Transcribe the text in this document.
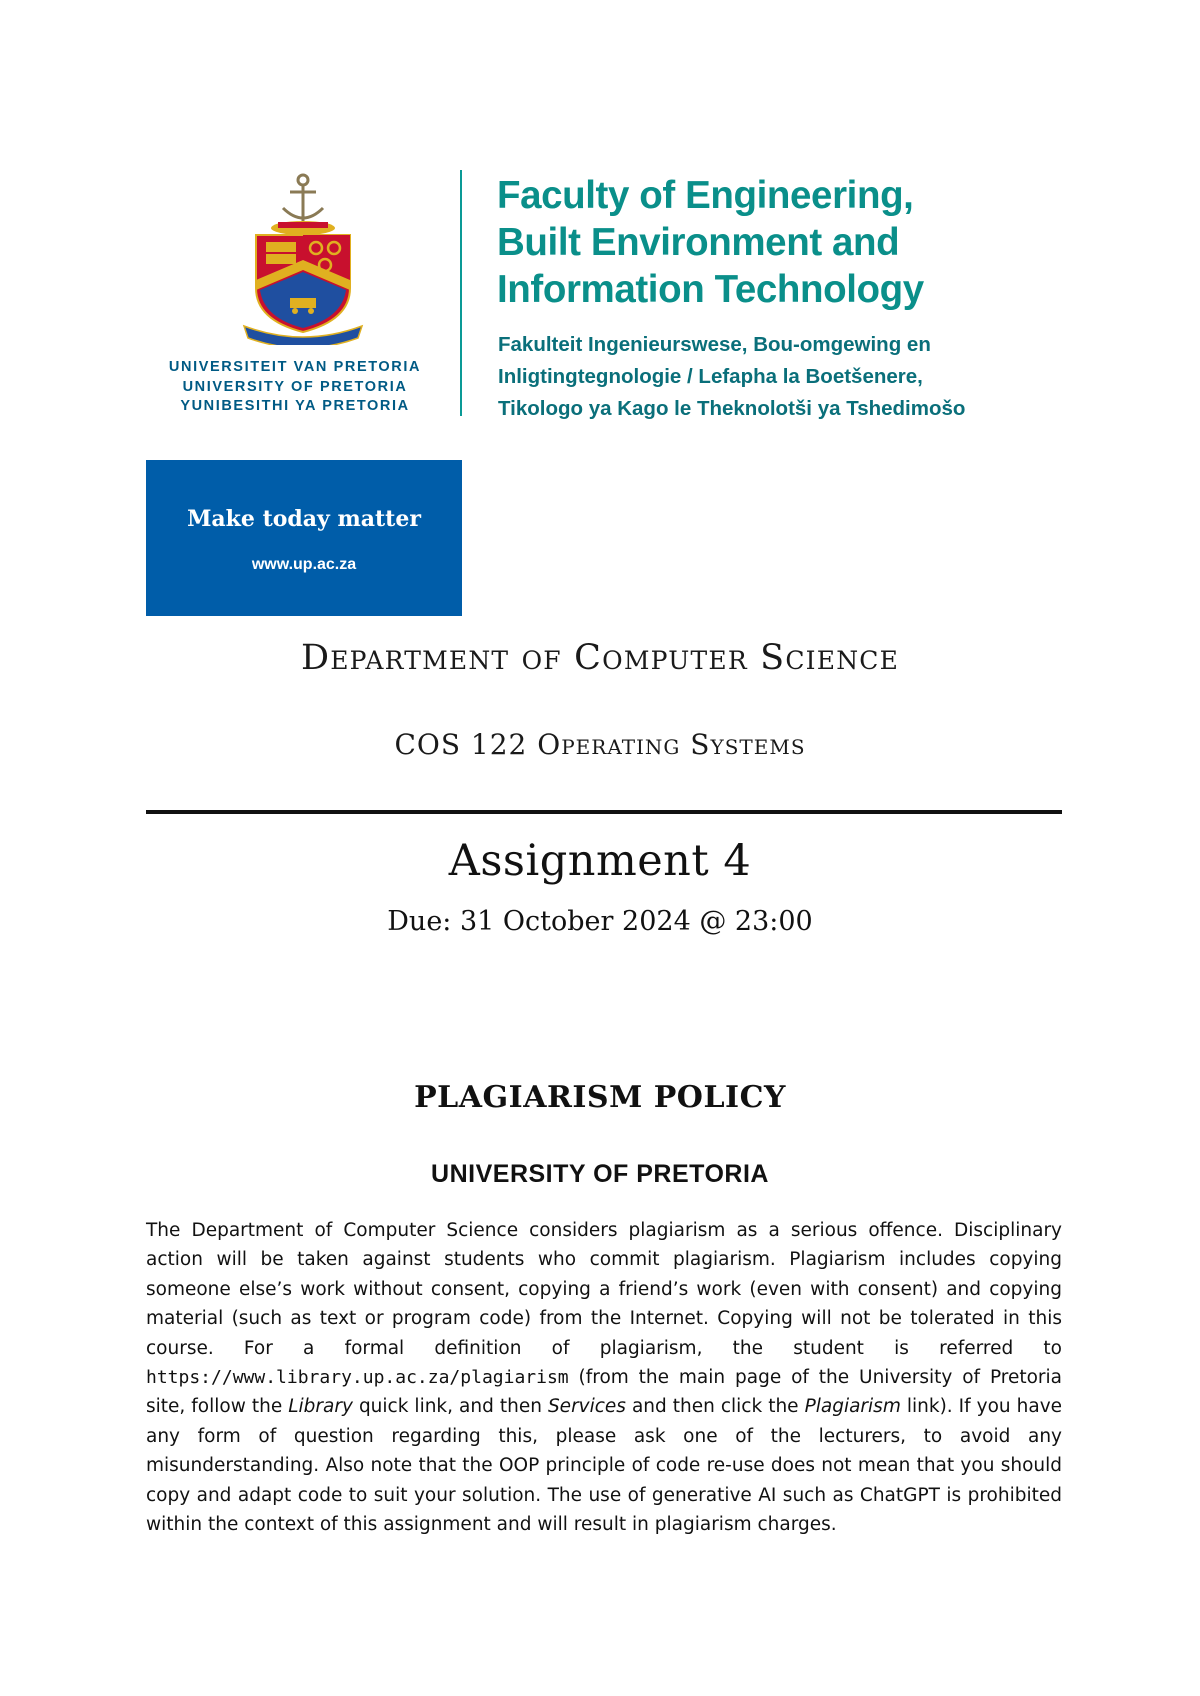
UNIVERSITEIT VAN PRETORIA
UNIVERSITY OF PRETORIA
YUNIBESITHI YA PRETORIA
Faculty of Engineering,
Built Environment and
Information Technology
Fakulteit Ingenieurswese, Bou-omgewing en
Inligtingtegnologie / Lefapha la Boetšenere,
Tikologo ya Kago le Theknolotši ya Tshedimošo
Make today matter
www.up.ac.za
Department of Computer Science
COS 122 Operating Systems
Assignment 4
Due: 31 October 2024 @ 23:00
PLAGIARISM POLICY
UNIVERSITY OF PRETORIA
The Department of Computer Science considers plagiarism as a serious offence. Disciplinary action will be taken against students who commit plagiarism. Plagiarism includes copying someone else’s work without consent, copying a friend’s work (even with consent) and copying material (such as text or program code) from the Internet. Copying will not be tolerated in this course. For a formal definition of plagiarism, the student is referred to https://www.library.up.ac.za/plagiarism (from the main page of the University of Pretoria site, follow the Library quick link, and then Services and then click the Plagiarism link). If you have any form of question regarding this, please ask one of the lecturers, to avoid any misunderstanding. Also note that the OOP principle of code re-use does not mean that you should copy and adapt code to suit your solution. The use of generative AI such as ChatGPT is prohibited within the context of this assignment and will result in plagiarism charges.
